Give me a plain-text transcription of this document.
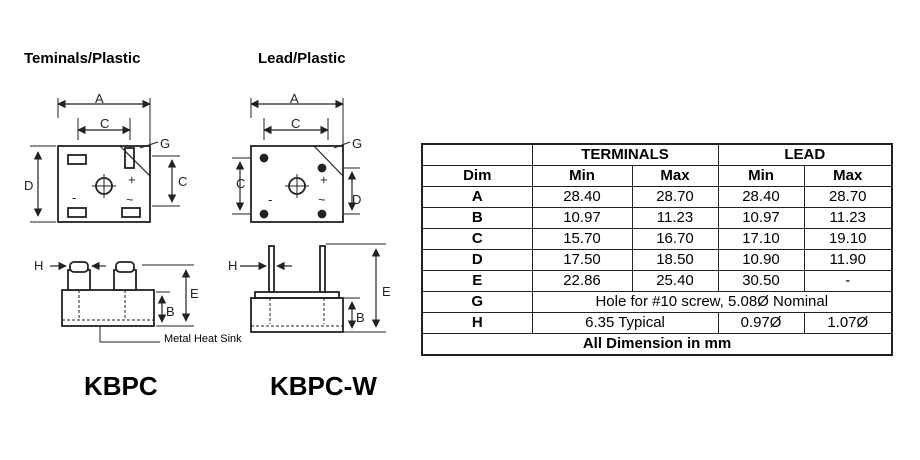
Teminals/Plastic	Lead/Plastic
A
C
G
D	C
+
-	~
H
E
B
Metal Heat Sink
A
C
G
C
D
+
-	~
H
E
B
KBPC	KBPC-W
	TERMINALS		LEAD	
Dim	Min	Max	Min	Max
A	28.40	28.70	28.40	28.70
B	10.97	11.23	10.97	11.23
C	15.70	16.70	17.10	19.10
D	17.50	18.50	10.90	11.90
E	22.86	25.40	30.50	-
G	Hole for #10 screw, 5.08Ø Nominal			
H	6.35 Typical		0.97Ø	1.07Ø
All Dimension in mm				
